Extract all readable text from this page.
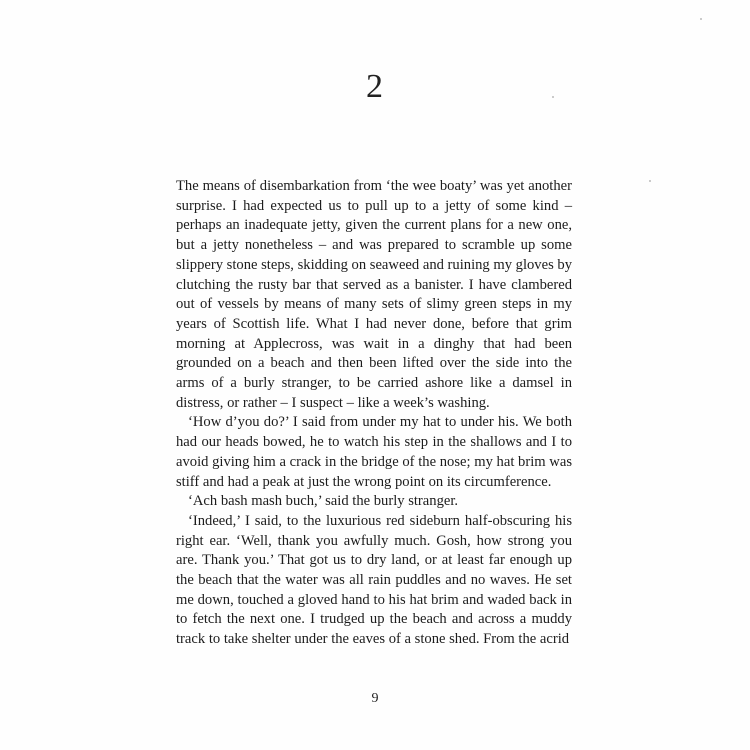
2

The means of disembarkation from ‘the wee boaty’ was yet another surprise. I had expected us to pull up to a jetty of some kind – perhaps an inadequate jetty, given the current plans for a new one, but a jetty nonetheless – and was prepared to scramble up some slippery stone steps, skidding on seaweed and ruining my gloves by clutching the rusty bar that served as a banister. I have clambered out of vessels by means of many sets of slimy green steps in my years of Scottish life. What I had never done, before that grim morning at Applecross, was wait in a dinghy that had been grounded on a beach and then been lifted over the side into the arms of a burly stranger, to be carried ashore like a damsel in distress, or rather – I suspect – like a week’s washing.

‘How d’you do?’ I said from under my hat to under his. We both had our heads bowed, he to watch his step in the shallows and I to avoid giving him a crack in the bridge of the nose; my hat brim was stiff and had a peak at just the wrong point on its circumference.

‘Ach bash mash buch,’ said the burly stranger.

‘Indeed,’ I said, to the luxurious red sideburn half-obscuring his right ear. ‘Well, thank you awfully much. Gosh, how strong you are. Thank you.’ That got us to dry land, or at least far enough up the beach that the water was all rain puddles and no waves. He set me down, touched a gloved hand to his hat brim and waded back in to fetch the next one. I trudged up the beach and across a muddy track to take shelter under the eaves of a stone shed. From the acrid

9
